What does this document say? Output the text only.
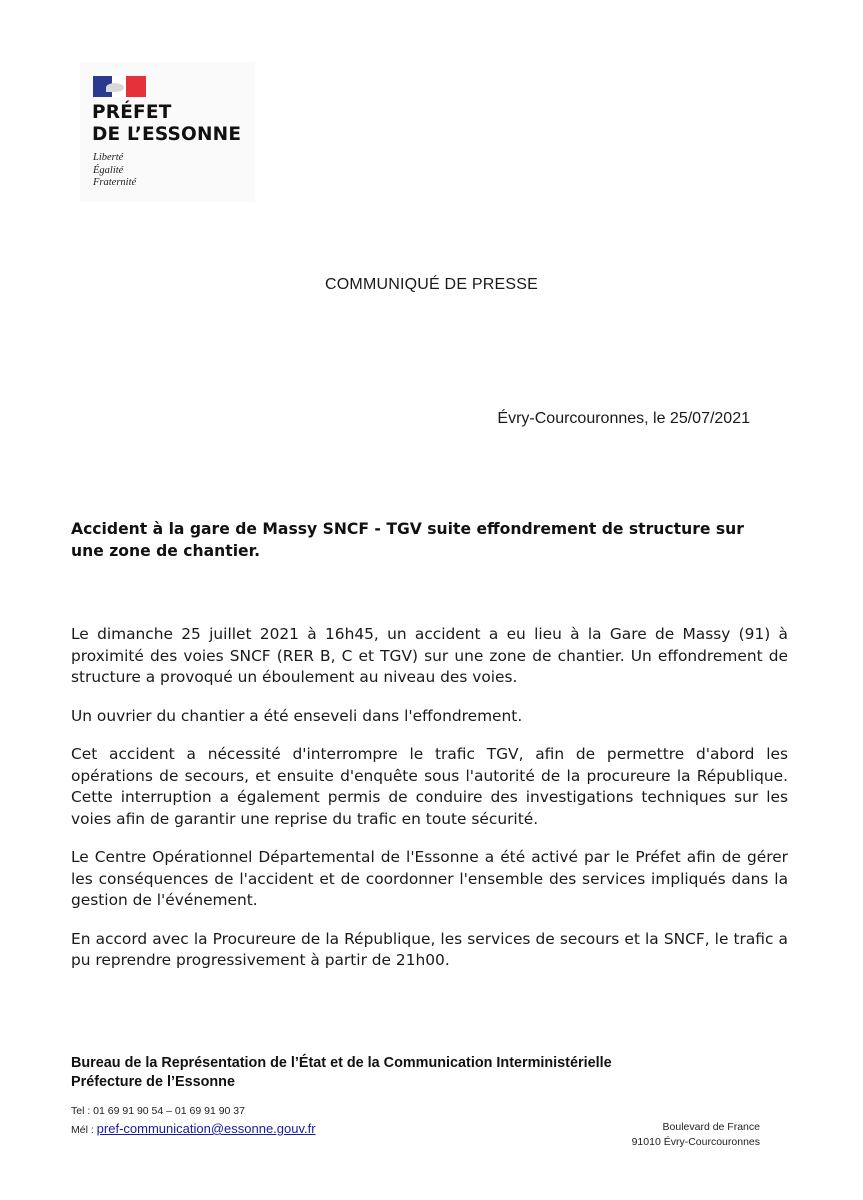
PRÉFET
DE L’ESSONNE
Liberté
Égalité
Fraternité
COMMUNIQUÉ DE PRESSE
Évry-Courcouronnes, le 25/07/2021
Accident à la gare de Massy SNCF - TGV suite effondrement de structure sur une zone de chantier.

Le dimanche 25 juillet 2021 à 16h45, un accident a eu lieu à la Gare de Massy (91) à proximité des voies SNCF (RER B, C et TGV) sur une zone de chantier. Un effondrement de structure a provoqué un éboulement au niveau des voies.

Un ouvrier du chantier a été enseveli dans l'effondrement.

Cet accident a nécessité d'interrompre le trafic TGV, afin de permettre d'abord les opérations de secours, et ensuite d'enquête sous l'autorité de la procureure la République. Cette interruption a également permis de conduire des investigations techniques sur les voies afin de garantir une reprise du trafic en toute sécurité.

Le Centre Opérationnel Départemental de l'Essonne a été activé par le Préfet afin de gérer les conséquences de l'accident et de coordonner l'ensemble des services impliqués dans la gestion de l'événement.

En accord avec la Procureure de la République, les services de secours et la SNCF, le trafic a pu reprendre progressivement à partir de 21h00.

Bureau de la Représentation de l’État et de la Communication Interministérielle
Préfecture de l’Essonne
Tel : 01 69 91 90 54 – 01 69 91 90 37
Mél : pref-communication@essonne.gouv.fr	Boulevard de France
91010 Évry-Courcouronnes
